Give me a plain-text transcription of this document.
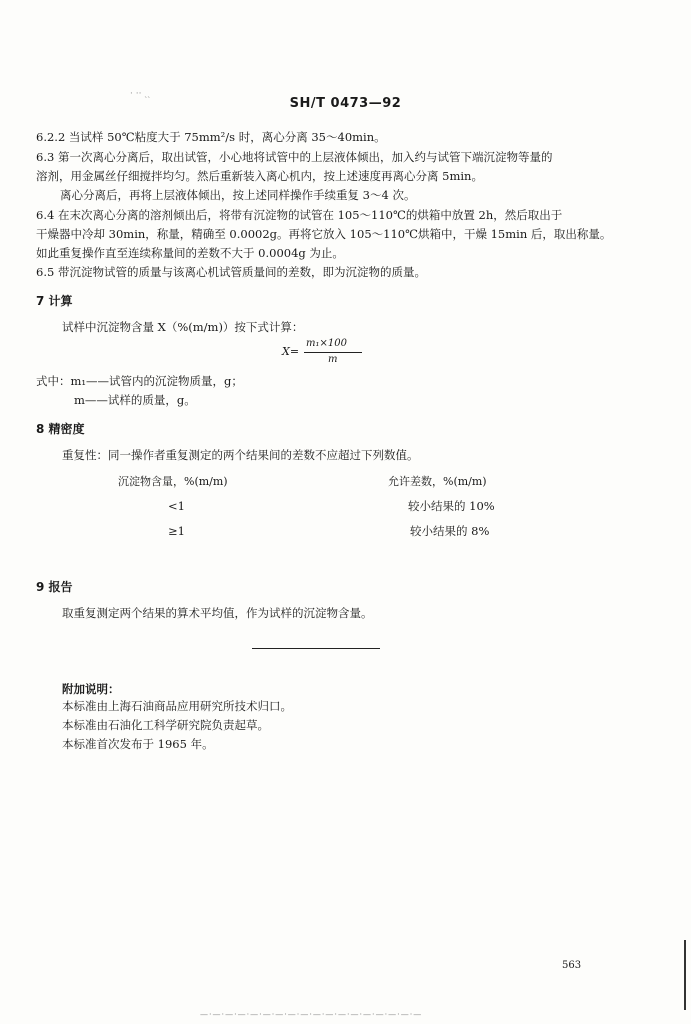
· ·· ˏˏ
SH/T 0473—92
6.2.2 当试样 50℃粘度大于 75mm²/s 时，离心分离 35～40min。
6.3 第一次离心分离后，取出试管，小心地将试管中的上层液体倾出，加入约与试管下端沉淀物等量的
溶剂，用金属丝仔细搅拌均匀。然后重新装入离心机内，按上述速度再离心分离 5min。
离心分离后，再将上层液体倾出，按上述同样操作手续重复 3～4 次。
6.4 在末次离心分离的溶剂倾出后，将带有沉淀物的试管在 105～110℃的烘箱中放置 2h，然后取出于
干燥器中冷却 30min，称量，精确至 0.0002g。再将它放入 105～110℃烘箱中，干燥 15min 后，取出称量。
如此重复操作直至连续称量间的差数不大于 0.0004g 为止。
6.5 带沉淀物试管的质量与该离心机试管质量间的差数，即为沉淀物的质量。
7 计算
试样中沉淀物含量 X（%(m/m)）按下式计算：
X=
m₁×100
m
式中：m₁——试管内的沉淀物质量，g；
m——试样的质量，g。
8 精密度
重复性：同一操作者重复测定的两个结果间的差数不应超过下列数值。
沉淀物含量，%(m/m)	允许差数，%(m/m)
<1	较小结果的 10%
≥1	较小结果的 8%
9 报告
取重复测定两个结果的算术平均值，作为试样的沉淀物含量。
附加说明：
本标准由上海石油商品应用研究所技术归口。
本标准由石油化工科学研究院负责起草。
本标准首次发布于 1965 年。
563
—·—·—·—·—·—·—·—·—·—·—·—·—·—·—·—·—·—
